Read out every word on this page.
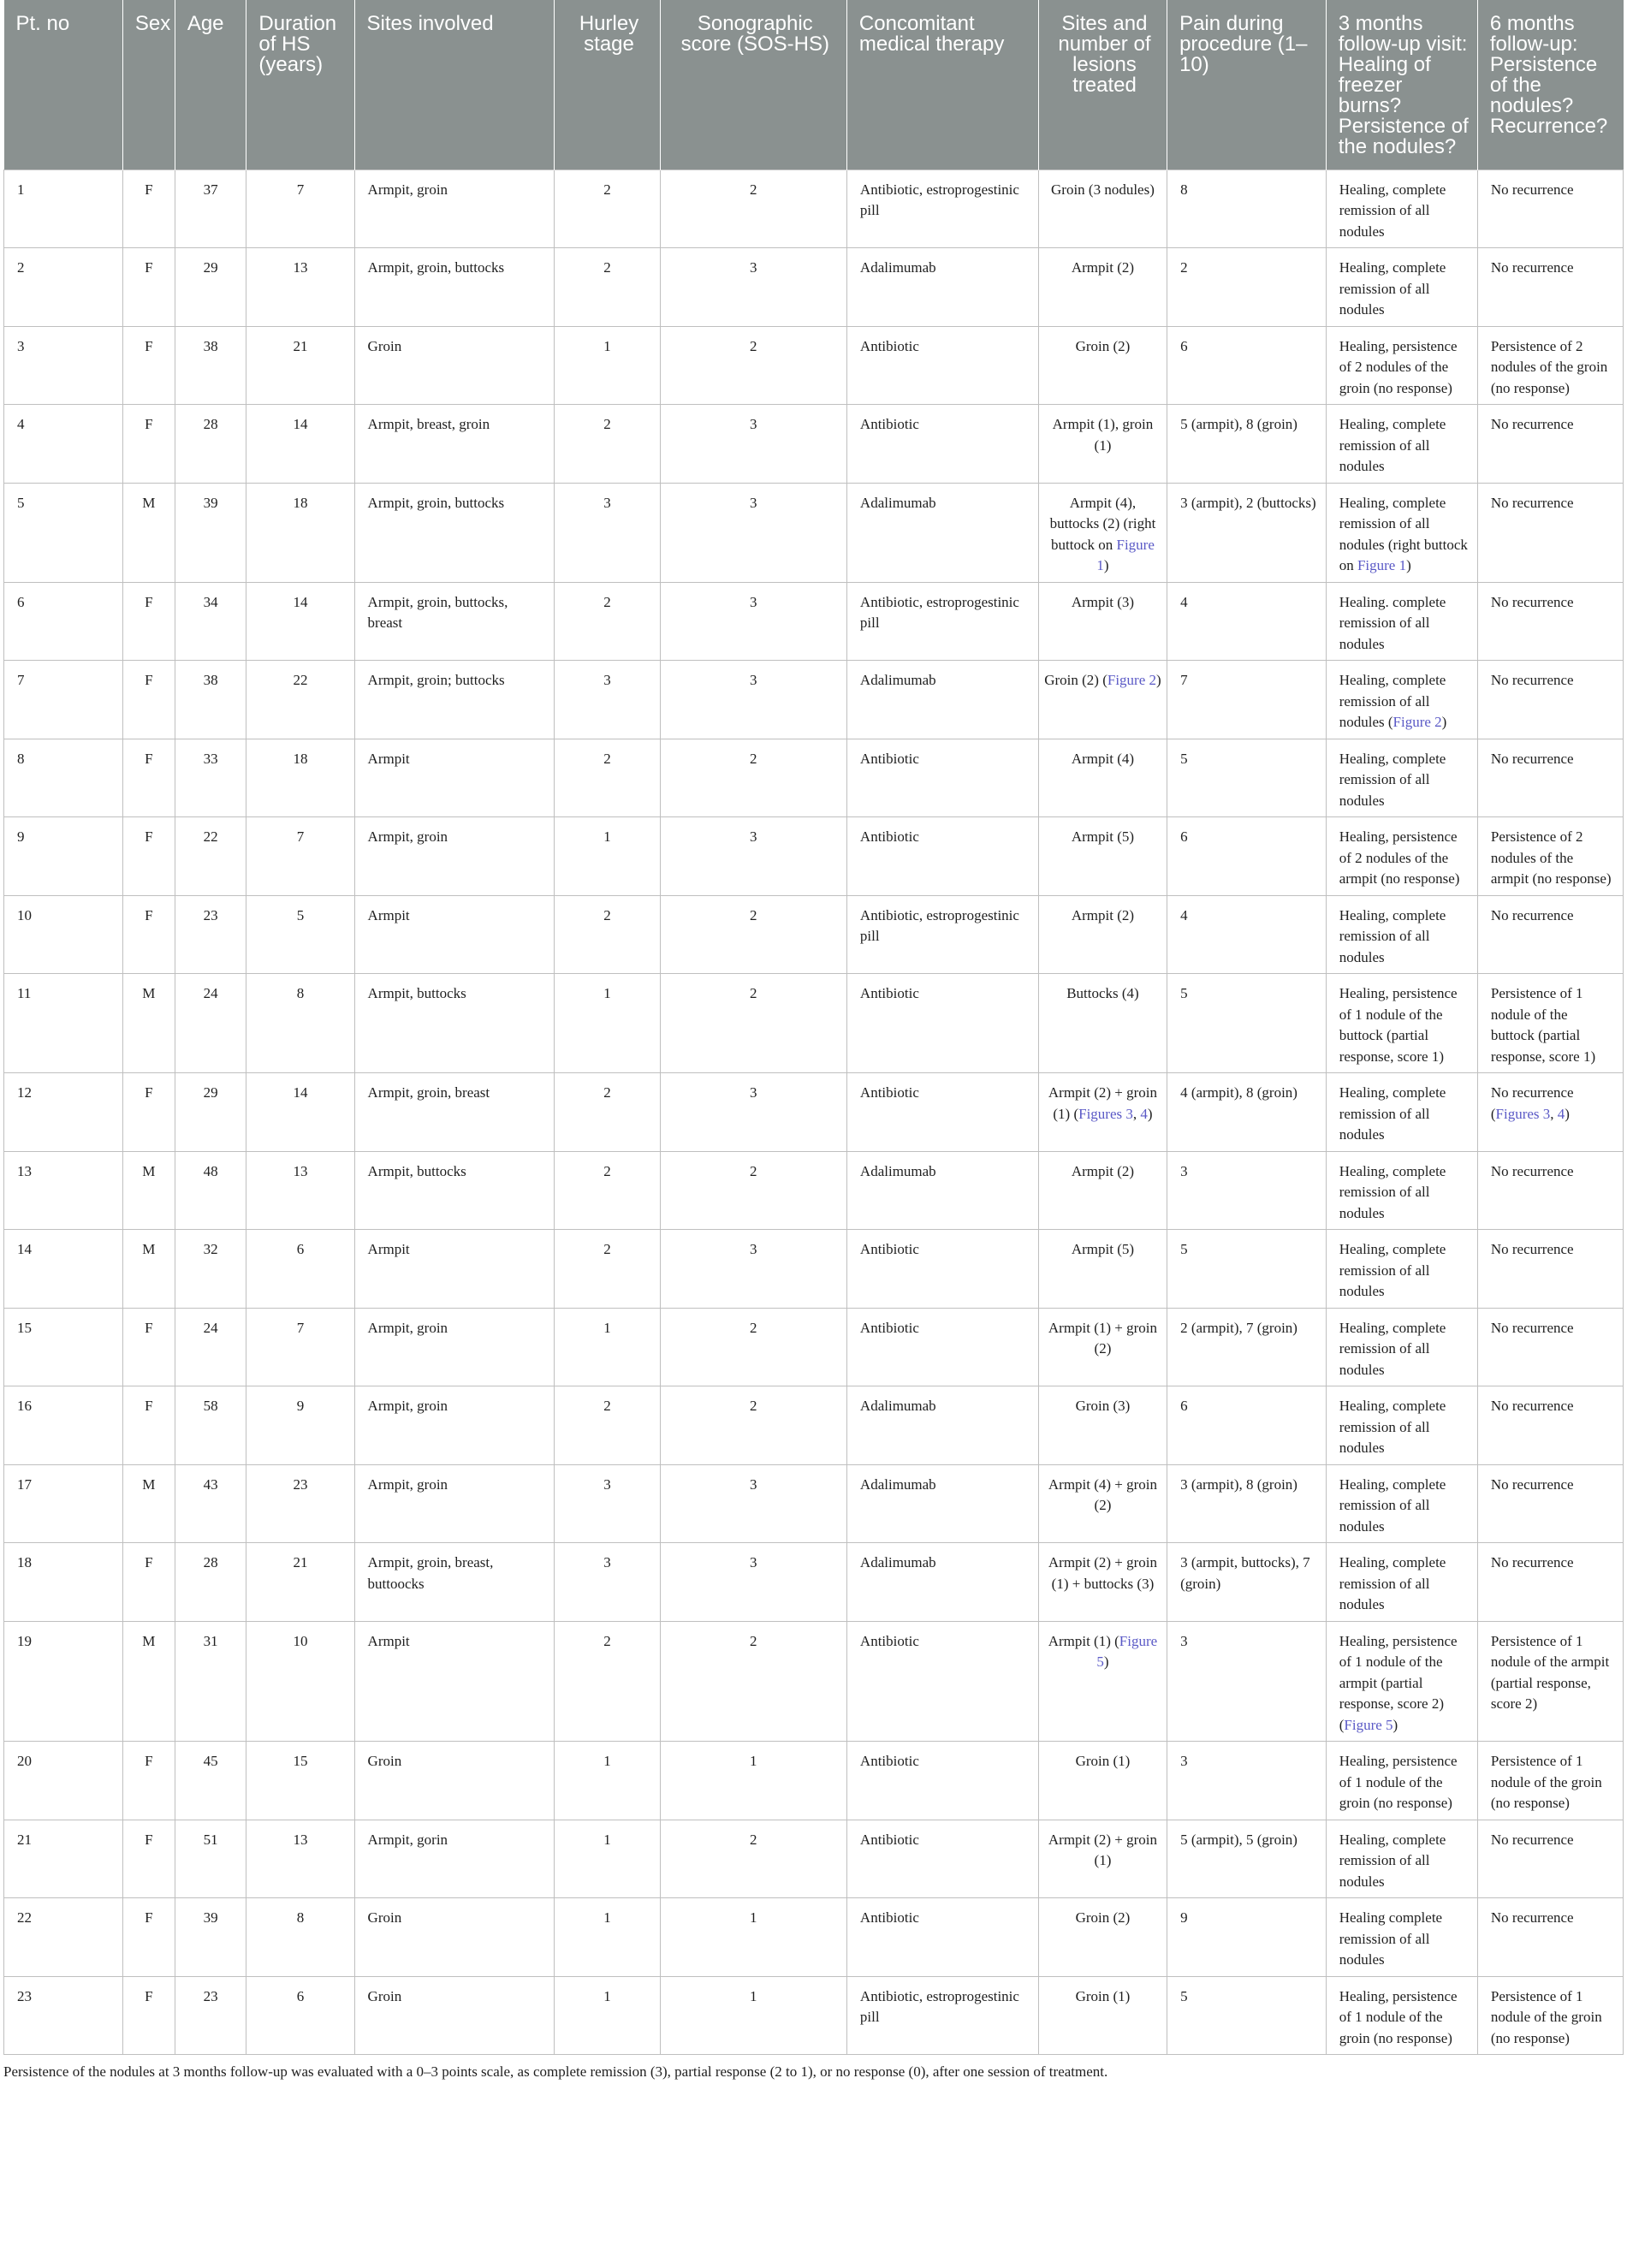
Pt. no	Sex	Age	Duration of HS (years)	Sites involved	Hurley stage	Sonographic score (SOS-HS)	Concomitant medical therapy	Sites and number of lesions treated	Pain during procedure (1–10)	3 months follow-up visit: Healing of freezer burns? Persistence of the nodules?	6 months follow-up: Persistence of the nodules? Recurrence?
1	F	37	7	Armpit, groin	2	2	Antibiotic, estroprogestinic pill	Groin (3 nodules)	8	Healing, complete remission of all nodules	No recurrence
2	F	29	13	Armpit, groin, buttocks	2	3	Adalimumab	Armpit (2)	2	Healing, complete remission of all nodules	No recurrence
3	F	38	21	Groin	1	2	Antibiotic	Groin (2)	6	Healing, persistence of 2 nodules of the groin (no response)	Persistence of 2 nodules of the groin (no response)
4	F	28	14	Armpit, breast, groin	2	3	Antibiotic	Armpit (1), groin (1)	5 (armpit), 8 (groin)	Healing, complete remission of all nodules	No recurrence
5	M	39	18	Armpit, groin, buttocks	3	3	Adalimumab	Armpit (4), buttocks (2) (right buttock on Figure 1)	3 (armpit), 2 (buttocks)	Healing, complete remission of all nodules (right buttock on Figure 1)	No recurrence
6	F	34	14	Armpit, groin, buttocks, breast	2	3	Antibiotic, estroprogestinic pill	Armpit (3)	4	Healing. complete remission of all nodules	No recurrence
7	F	38	22	Armpit, groin; buttocks	3	3	Adalimumab	Groin (2) (Figure 2)	7	Healing, complete remission of all nodules (Figure 2)	No recurrence
8	F	33	18	Armpit	2	2	Antibiotic	Armpit (4)	5	Healing, complete remission of all nodules	No recurrence
9	F	22	7	Armpit, groin	1	3	Antibiotic	Armpit (5)	6	Healing, persistence of 2 nodules of the armpit (no response)	Persistence of 2 nodules of the armpit (no response)
10	F	23	5	Armpit	2	2	Antibiotic, estroprogestinic pill	Armpit (2)	4	Healing, complete remission of all nodules	No recurrence
11	M	24	8	Armpit, buttocks	1	2	Antibiotic	Buttocks (4)	5	Healing, persistence of 1 nodule of the buttock (partial response, score 1)	Persistence of 1 nodule of the buttock (partial response, score 1)
12	F	29	14	Armpit, groin, breast	2	3	Antibiotic	Armpit (2) + groin (1) (Figures 3, 4)	4 (armpit), 8 (groin)	Healing, complete remission of all nodules	No recurrence (Figures 3, 4)
13	M	48	13	Armpit, buttocks	2	2	Adalimumab	Armpit (2)	3	Healing, complete remission of all nodules	No recurrence
14	M	32	6	Armpit	2	3	Antibiotic	Armpit (5)	5	Healing, complete remission of all nodules	No recurrence
15	F	24	7	Armpit, groin	1	2	Antibiotic	Armpit (1) + groin (2)	2 (armpit), 7 (groin)	Healing, complete remission of all nodules	No recurrence
16	F	58	9	Armpit, groin	2	2	Adalimumab	Groin (3)	6	Healing, complete remission of all nodules	No recurrence
17	M	43	23	Armpit, groin	3	3	Adalimumab	Armpit (4) + groin (2)	3 (armpit), 8 (groin)	Healing, complete remission of all nodules	No recurrence
18	F	28	21	Armpit, groin, breast, buttoocks	3	3	Adalimumab	Armpit (2) + groin (1) + buttocks (3)	3 (armpit, buttocks), 7 (groin)	Healing, complete remission of all nodules	No recurrence
19	M	31	10	Armpit	2	2	Antibiotic	Armpit (1) (Figure 5)	3	Healing, persistence of 1 nodule of the armpit (partial response, score 2) (Figure 5)	Persistence of 1 nodule of the armpit (partial response, score 2)
20	F	45	15	Groin	1	1	Antibiotic	Groin (1)	3	Healing, persistence of 1 nodule of the groin (no response)	Persistence of 1 nodule of the groin (no response)
21	F	51	13	Armpit, gorin	1	2	Antibiotic	Armpit (2) + groin (1)	5 (armpit), 5 (groin)	Healing, complete remission of all nodules	No recurrence
22	F	39	8	Groin	1	1	Antibiotic	Groin (2)	9	Healing complete remission of all nodules	No recurrence
23	F	23	6	Groin	1	1	Antibiotic, estroprogestinic pill	Groin (1)	5	Healing, persistence of 1 nodule of the groin (no response)	Persistence of 1 nodule of the groin (no response)
Persistence of the nodules at 3 months follow-up was evaluated with a 0–3 points scale, as complete remission (3), partial response (2 to 1), or no response (0), after one session of treatment.
